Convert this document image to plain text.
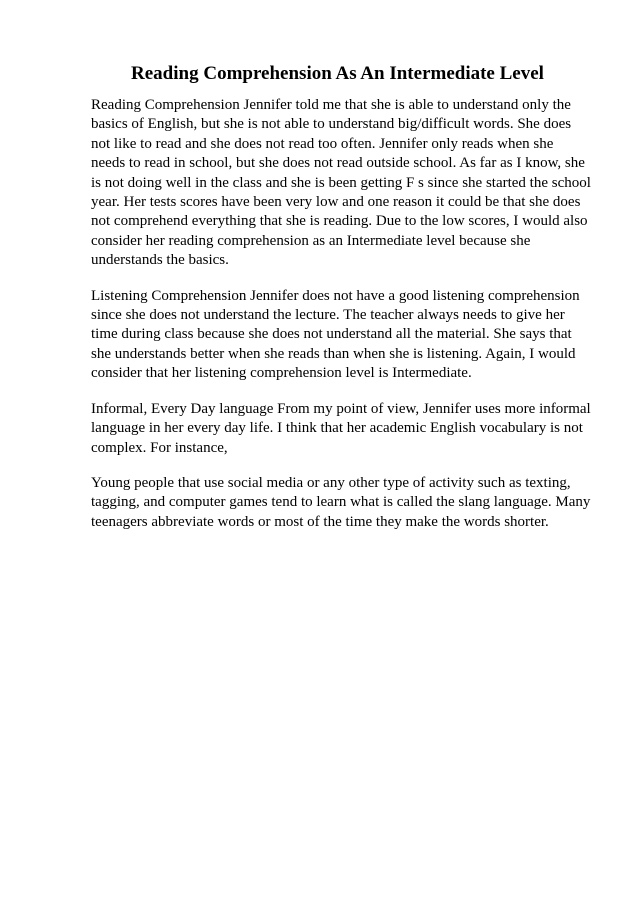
Reading Comprehension As An Intermediate Level

Reading Comprehension Jennifer told me that she is able to understand only the basics of English, but she is not able to understand big/difficult words. She does not like to read and she does not read too often. Jennifer only reads when she needs to read in school, but she does not read outside school. As far as I know, she is not doing well in the class and she is been getting F s since she started the school year. Her tests scores have been very low and one reason it could be that she does not comprehend everything that she is reading. Due to the low scores, I would also consider her reading comprehension as an Intermediate level because she understands the basics.

Listening Comprehension Jennifer does not have a good listening comprehension since she does not understand the lecture. The teacher always needs to give her time during class because she does not understand all the material. She says that she understands better when she reads than when she is listening. Again, I would consider that her listening comprehension level is Intermediate.

Informal, Every Day language From my point of view, Jennifer uses more informal language in her every day life. I think that her academic English vocabulary is not complex. For instance,

Young people that use social media or any other type of activity such as texting, tagging, and computer games tend to learn what is called the slang language. Many teenagers abbreviate words or most of the time they make the words shorter.
